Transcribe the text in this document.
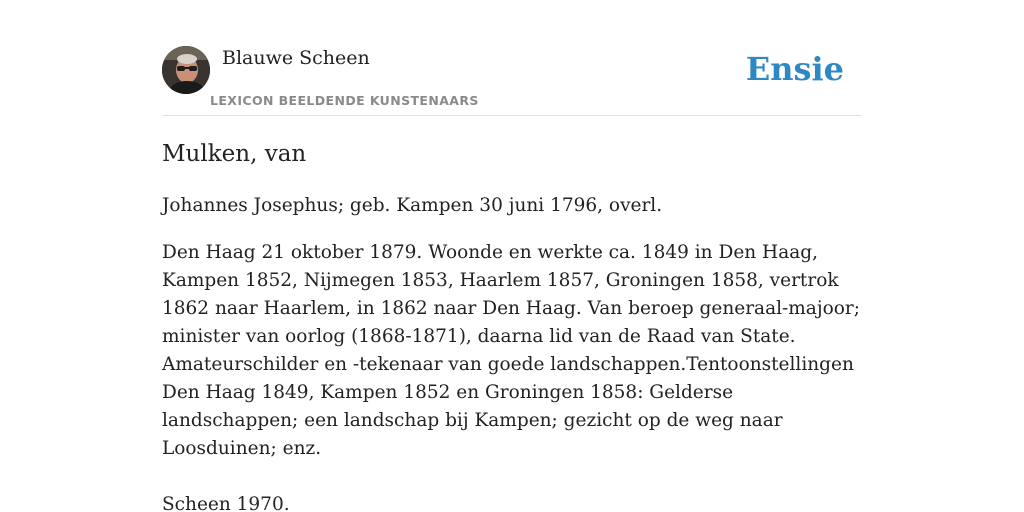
Blauwe Scheen
LEXICON BEELDENDE KUNSTENAARS
Ensie
Mulken, van

Johannes Josephus; geb. Kampen 30 juni 1796, overl.

Den Haag 21 oktober 1879. Woonde en werkte ca. 1849 in Den Haag, Kampen 1852, Nijmegen 1853, Haarlem 1857, Groningen 1858, vertrok 1862 naar Haarlem, in 1862 naar Den Haag. Van beroep generaal-majoor; minister van oorlog (1868-1871), daarna lid van de Raad van State. Amateurschilder en -tekenaar van goede landschappen.Tentoonstellingen Den Haag 1849, Kampen 1852 en Groningen 1858: Gelderse landschappen; een landschap bij Kampen; gezicht op de weg naar Loosduinen; enz.

Scheen 1970.
